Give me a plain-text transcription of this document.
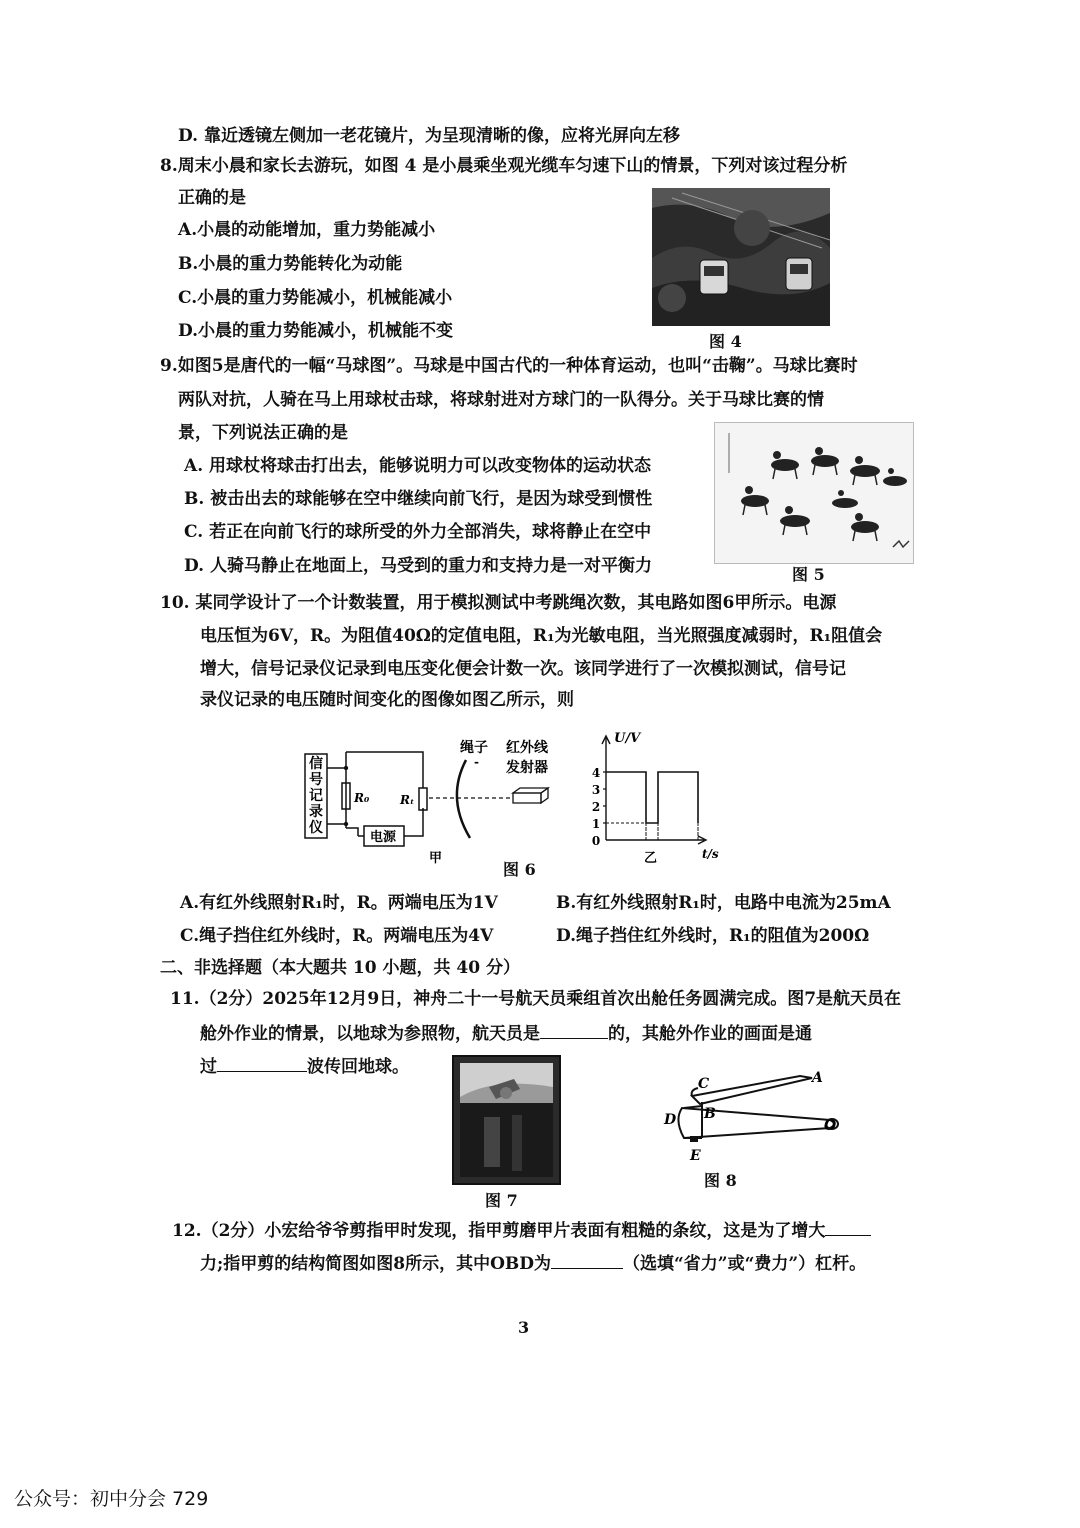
D. 靠近透镜左侧加一老花镜片，为呈现清晰的像，应将光屏向左移
8.周末小晨和家长去游玩，如图 4 是小晨乘坐观光缆车匀速下山的情景，下列对该过程分析
正确的是
A.小晨的动能增加，重力势能减小
B.小晨的重力势能转化为动能
C.小晨的重力势能减小，机械能减小
D.小晨的重力势能减小，机械能不变
图 4
9.如图5是唐代的一幅“马球图”。马球是中国古代的一种体育运动，也叫“击鞠”。马球比赛时
两队对抗，人骑在马上用球杖击球，将球射进对方球门的一队得分。关于马球比赛的情
景，下列说法正确的是
A. 用球杖将球击打出去，能够说明力可以改变物体的运动状态
B. 被击出去的球能够在空中继续向前飞行，是因为球受到惯性
C. 若正在向前飞行的球所受的外力全部消失，球将静止在空中
D. 人骑马静止在地面上，马受到的重力和支持力是一对平衡力	图 5
10. 某同学设计了一个计数装置，用于模拟测试中考跳绳次数，其电路如图6甲所示。电源
电压恒为6V，R。为阻值40Ω的定值电阻，R₁为光敏电阻，当光照强度减弱时，R₁阻值会
增大，信号记录仪记录到电压变化便会计数一次。该同学进行了一次模拟测试，信号记
录仪记录的电压随时间变化的图像如图乙所示，则
信
号
记
录
仪
R₀	Rₜ
电源
绳子
-
红外线
发射器
甲
U/V
t/s
乙
0
1
2
3
4
图 6
A.有红外线照射R₁时，R。两端电压为1V	B.有红外线照射R₁时，电路中电流为25mA
C.绳子挡住红外线时，R。两端电压为4V	D.绳子挡住红外线时，R₁的阻值为200Ω
二、非选择题（本大题共 10 小题，共 40 分）
11.（2分）2025年12月9日，神舟二十一号航天员乘组首次出舱任务圆满完成。图7是航天员在
舱外作业的情景，以地球为参照物，航天员是	的，其舱外作业的画面是通
过	波传回地球。
图 7
C	A
B
D
E
O
图 8
12.（2分）小宏给爷爷剪指甲时发现，指甲剪磨甲片表面有粗糙的条纹，这是为了增大
力;指甲剪的结构简图如图8所示，其中OBD为	（选填“省力”或“费力”）杠杆。
3
公众号：初中分会 729
